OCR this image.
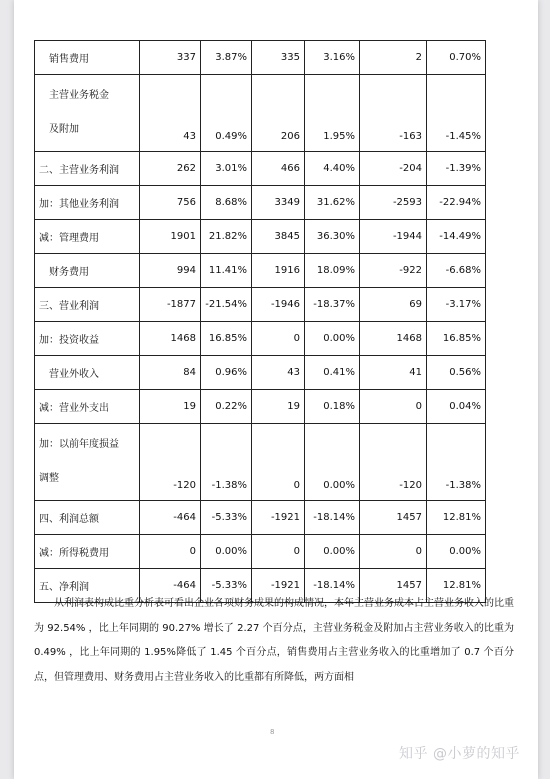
销售费用	337	3.87%	335	3.16%	2	0.70%

主营业务税金
及附加	43	0.49%	206	1.95%	-163	-1.45%
二、主营业务利润	262	3.01%	466	4.40%	-204	-1.39%
加：其他业务利润	756	8.68%	3349	31.62%	-2593	-22.94%
减：管理费用	1901	21.82%	3845	36.30%	-1944	-14.49%
财务费用	994	11.41%	1916	18.09%	-922	-6.68%
三、营业利润	-1877	-21.54%	-1946	-18.37%	69	-3.17%
加：投资收益	1468	16.85%	0	0.00%	1468	16.85%
营业外收入	84	0.96%	43	0.41%	41	0.56%
减：营业外支出	19	0.22%	19	0.18%	0	0.04%

加：以前年度损益
调整	-120	-1.38%	0	0.00%	-120	-1.38%
四、利润总额	-464	-5.33%	-1921	-18.14%	1457	12.81%
减：所得税费用	0	0.00%	0	0.00%	0	0.00%
五、净利润	-464	-5.33%	-1921	-18.14%	1457	12.81%

从利润表构成比重分析表可看出企业各项财务成果的构成情况，本年主营业务成本占主营业务收入的比重为 92.54% ，比上年同期的 90.27% 增长了 2.27 个百分点，主营业务税金及附加占主营业务收入的比重为 0.49% ，比上年同期的 1.95%降低了 1.45 个百分点，销售费用占主营业务收入的比重增加了 0.7 个百分点，但管理费用、财务费用占主营业务收入的比重都有所降低，两方面相

8
知乎 @小萝的知乎
